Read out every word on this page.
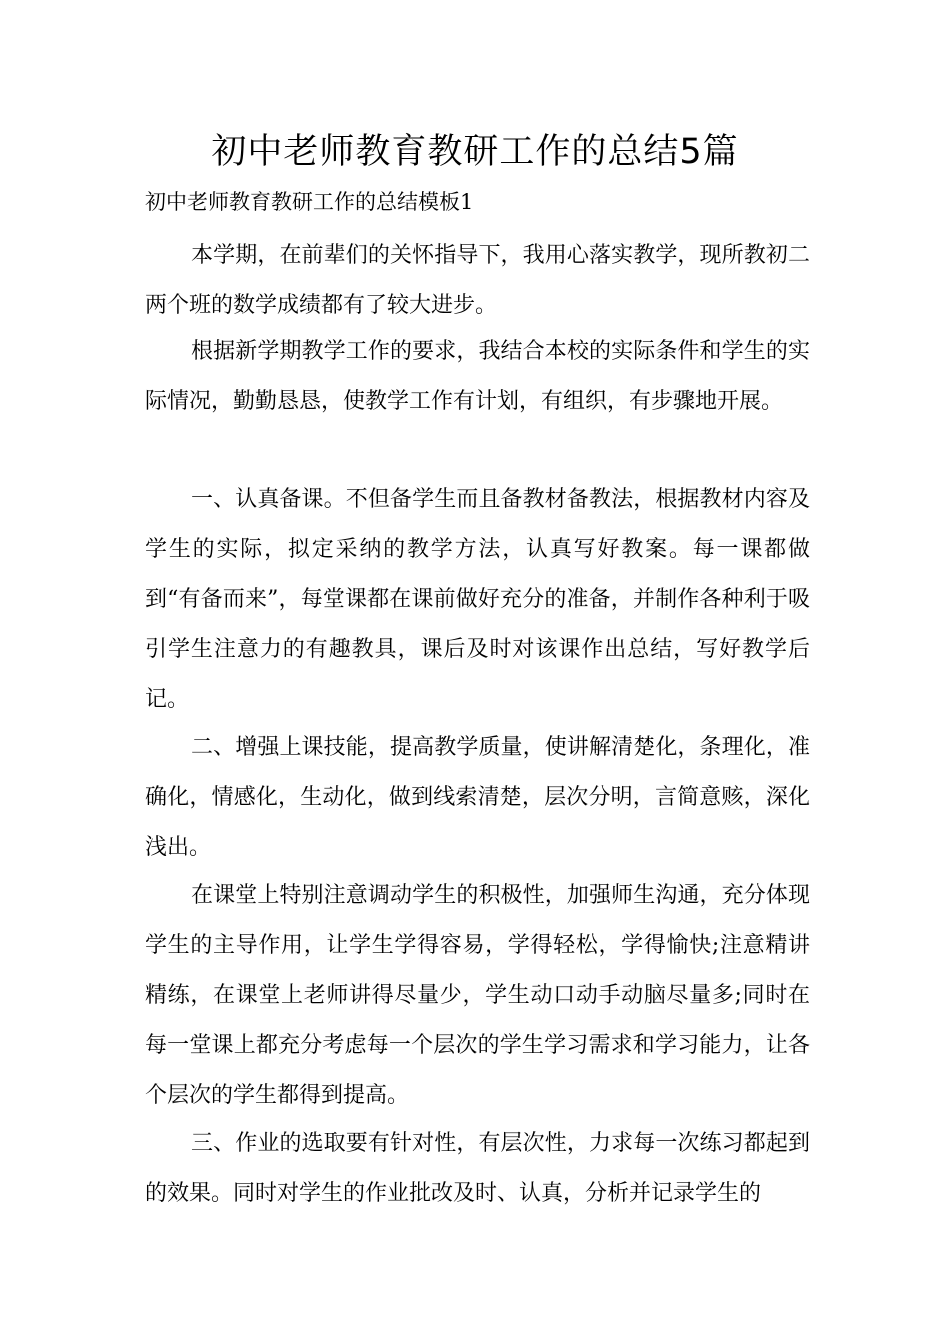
初中老师教育教研工作的总结5篇

初中老师教育教研工作的总结模板1

本学期，在前辈们的关怀指导下，我用心落实教学，现所教初二两个班的数学成绩都有了较大进步。

根据新学期教学工作的要求，我结合本校的实际条件和学生的实际情况，勤勤恳恳，使教学工作有计划，有组织，有步骤地开展。

一、认真备课。不但备学生而且备教材备教法，根据教材内容及学生的实际，拟定采纳的教学方法，认真写好教案。每一课都做到“有备而来”，每堂课都在课前做好充分的准备，并制作各种利于吸引学生注意力的有趣教具，课后及时对该课作出总结，写好教学后记。

二、增强上课技能，提高教学质量，使讲解清楚化，条理化，准确化，情感化，生动化，做到线索清楚，层次分明，言简意赅，深化浅出。

在课堂上特别注意调动学生的积极性，加强师生沟通，充分体现学生的主导作用，让学生学得容易，学得轻松，学得愉快;注意精讲精练，在课堂上老师讲得尽量少，学生动口动手动脑尽量多;同时在每一堂课上都充分考虑每一个层次的学生学习需求和学习能力，让各个层次的学生都得到提高。

三、作业的选取要有针对性，有层次性，力求每一次练习都起到的效果。同时对学生的作业批改及时、认真，分析并记录学生的
